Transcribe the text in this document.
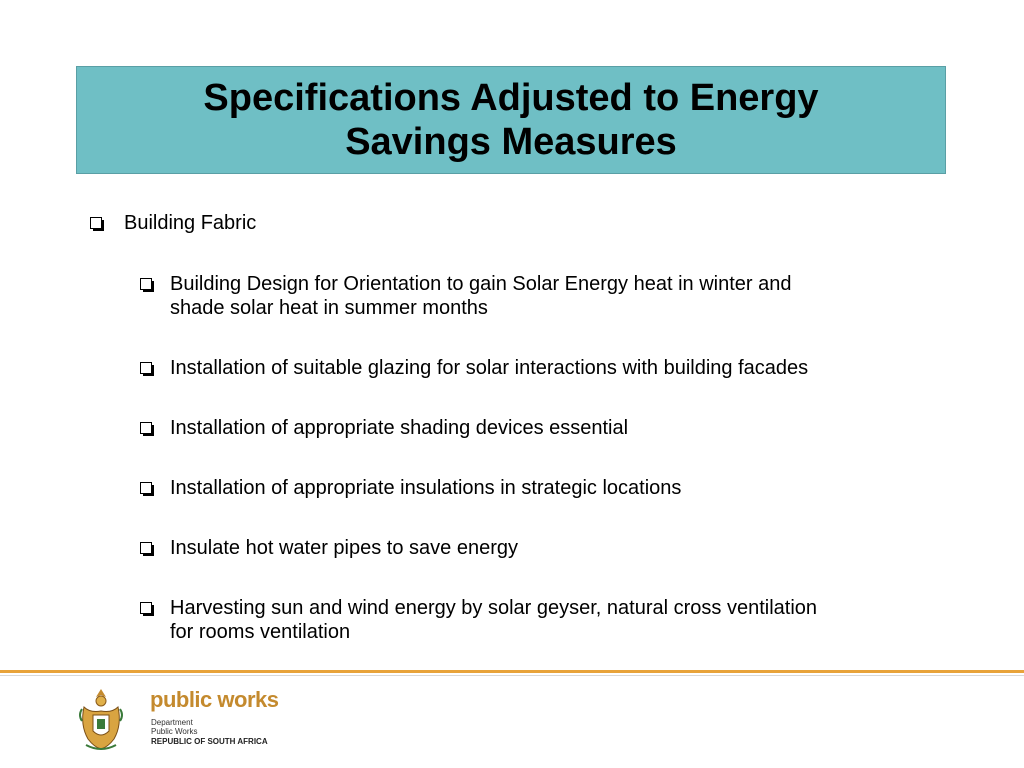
Specifications Adjusted to Energy
Savings Measures
Building Fabric
Building Design for Orientation to gain Solar Energy heat in winter and
shade solar heat in summer months
Installation of suitable glazing for solar interactions with building facades
Installation of appropriate shading devices essential
Installation of appropriate insulations in strategic locations
Insulate hot water pipes to save energy
Harvesting sun and wind energy by solar geyser, natural cross ventilation
for rooms ventilation
public works
Department
Public Works
REPUBLIC OF SOUTH AFRICA
